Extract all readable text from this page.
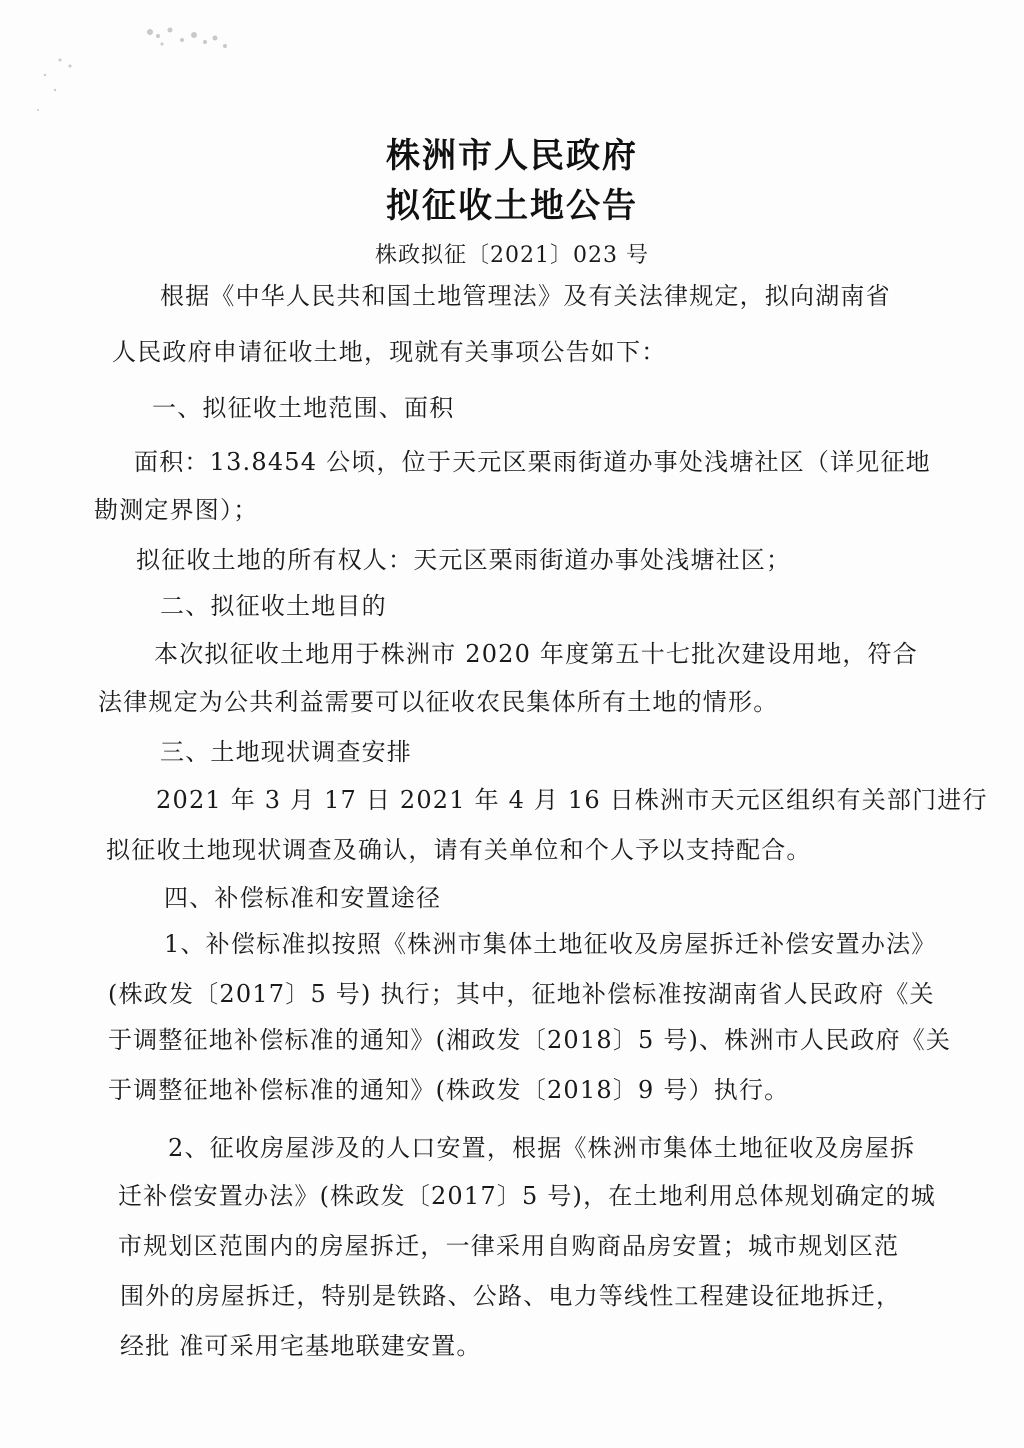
株洲市人民政府
拟征收土地公告
株政拟征〔2021〕023 号
根据《中华人民共和国土地管理法》及有关法律规定，拟向湖南省
人民政府申请征收土地，现就有关事项公告如下：
一、拟征收土地范围、面积
面积：13.8454 公顷，位于天元区栗雨街道办事处浅塘社区（详见征地
勘测定界图）；
拟征收土地的所有权人：天元区栗雨街道办事处浅塘社区；
二、拟征收土地目的
本次拟征收土地用于株洲市 2020 年度第五十七批次建设用地，符合
法律规定为公共利益需要可以征收农民集体所有土地的情形。
三、土地现状调查安排
2021 年 3 月 17 日 2021 年 4 月 16 日株洲市天元区组织有关部门进行
拟征收土地现状调查及确认，请有关单位和个人予以支持配合。
四、补偿标准和安置途径
1、补偿标准拟按照《株洲市集体土地征收及房屋拆迁补偿安置办法》
(株政发〔2017〕5 号) 执行；其中，征地补偿标准按湖南省人民政府《关
于调整征地补偿标准的通知》(湘政发〔2018〕5 号)、株洲市人民政府《关
于调整征地补偿标准的通知》(株政发〔2018〕9 号）执行。
2、征收房屋涉及的人口安置，根据《株洲市集体土地征收及房屋拆
迁补偿安置办法》(株政发〔2017〕5 号)，在土地利用总体规划确定的城
市规划区范围内的房屋拆迁，一律采用自购商品房安置；城市规划区范
围外的房屋拆迁，特别是铁路、公路、电力等线性工程建设征地拆迁，
经批 准可采用宅基地联建安置。
